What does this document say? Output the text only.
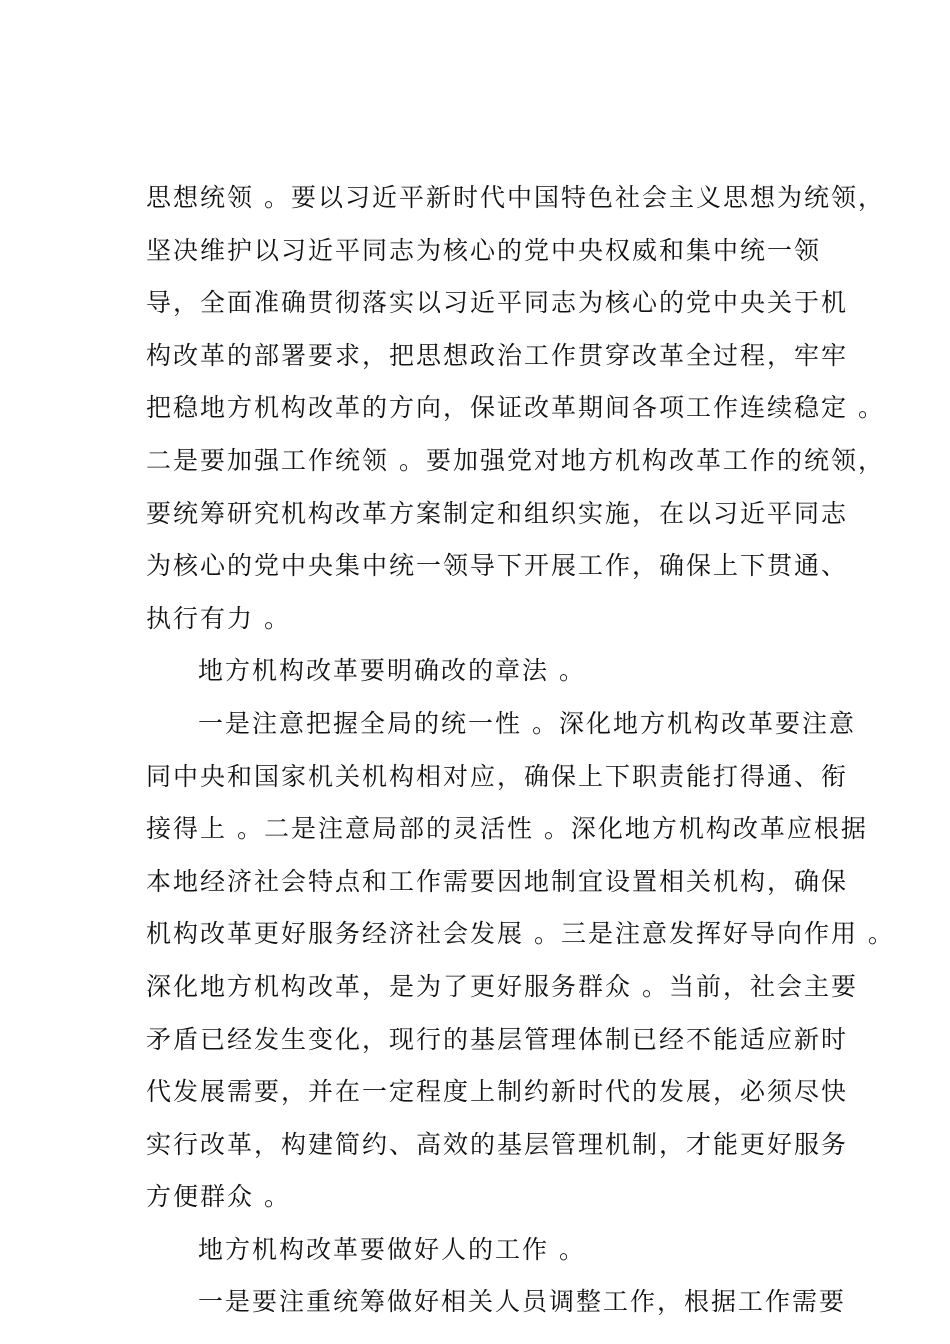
思想统领 。要以习近平新时代中国特色社会主义思想为统领，
坚决维护以习近平同志为核心的党中央权威和集中统一领
导，全面准确贯彻落实以习近平同志为核心的党中央关于机
构改革的部署要求，把思想政治工作贯穿改革全过程，牢牢
把稳地方机构改革的方向，保证改革期间各项工作连续稳定 。
二是要加强工作统领 。要加强党对地方机构改革工作的统领，
要统筹研究机构改革方案制定和组织实施，在以习近平同志
为核心的党中央集中统一领导下开展工作，确保上下贯通、
执行有力 。
地方机构改革要明确改的章法 。
一是注意把握全局的统一性 。深化地方机构改革要注意
同中央和国家机关机构相对应，确保上下职责能打得通、衔
接得上 。二是注意局部的灵活性 。深化地方机构改革应根据
本地经济社会特点和工作需要因地制宜设置相关机构，确保
机构改革更好服务经济社会发展 。三是注意发挥好导向作用 。
深化地方机构改革，是为了更好服务群众 。当前，社会主要
矛盾已经发生变化，现行的基层管理体制已经不能适应新时
代发展需要，并在一定程度上制约新时代的发展，必须尽快
实行改革，构建简约、高效的基层管理机制，才能更好服务
方便群众 。
地方机构改革要做好人的工作 。
一是要注重统筹做好相关人员调整工作，根据工作需要
